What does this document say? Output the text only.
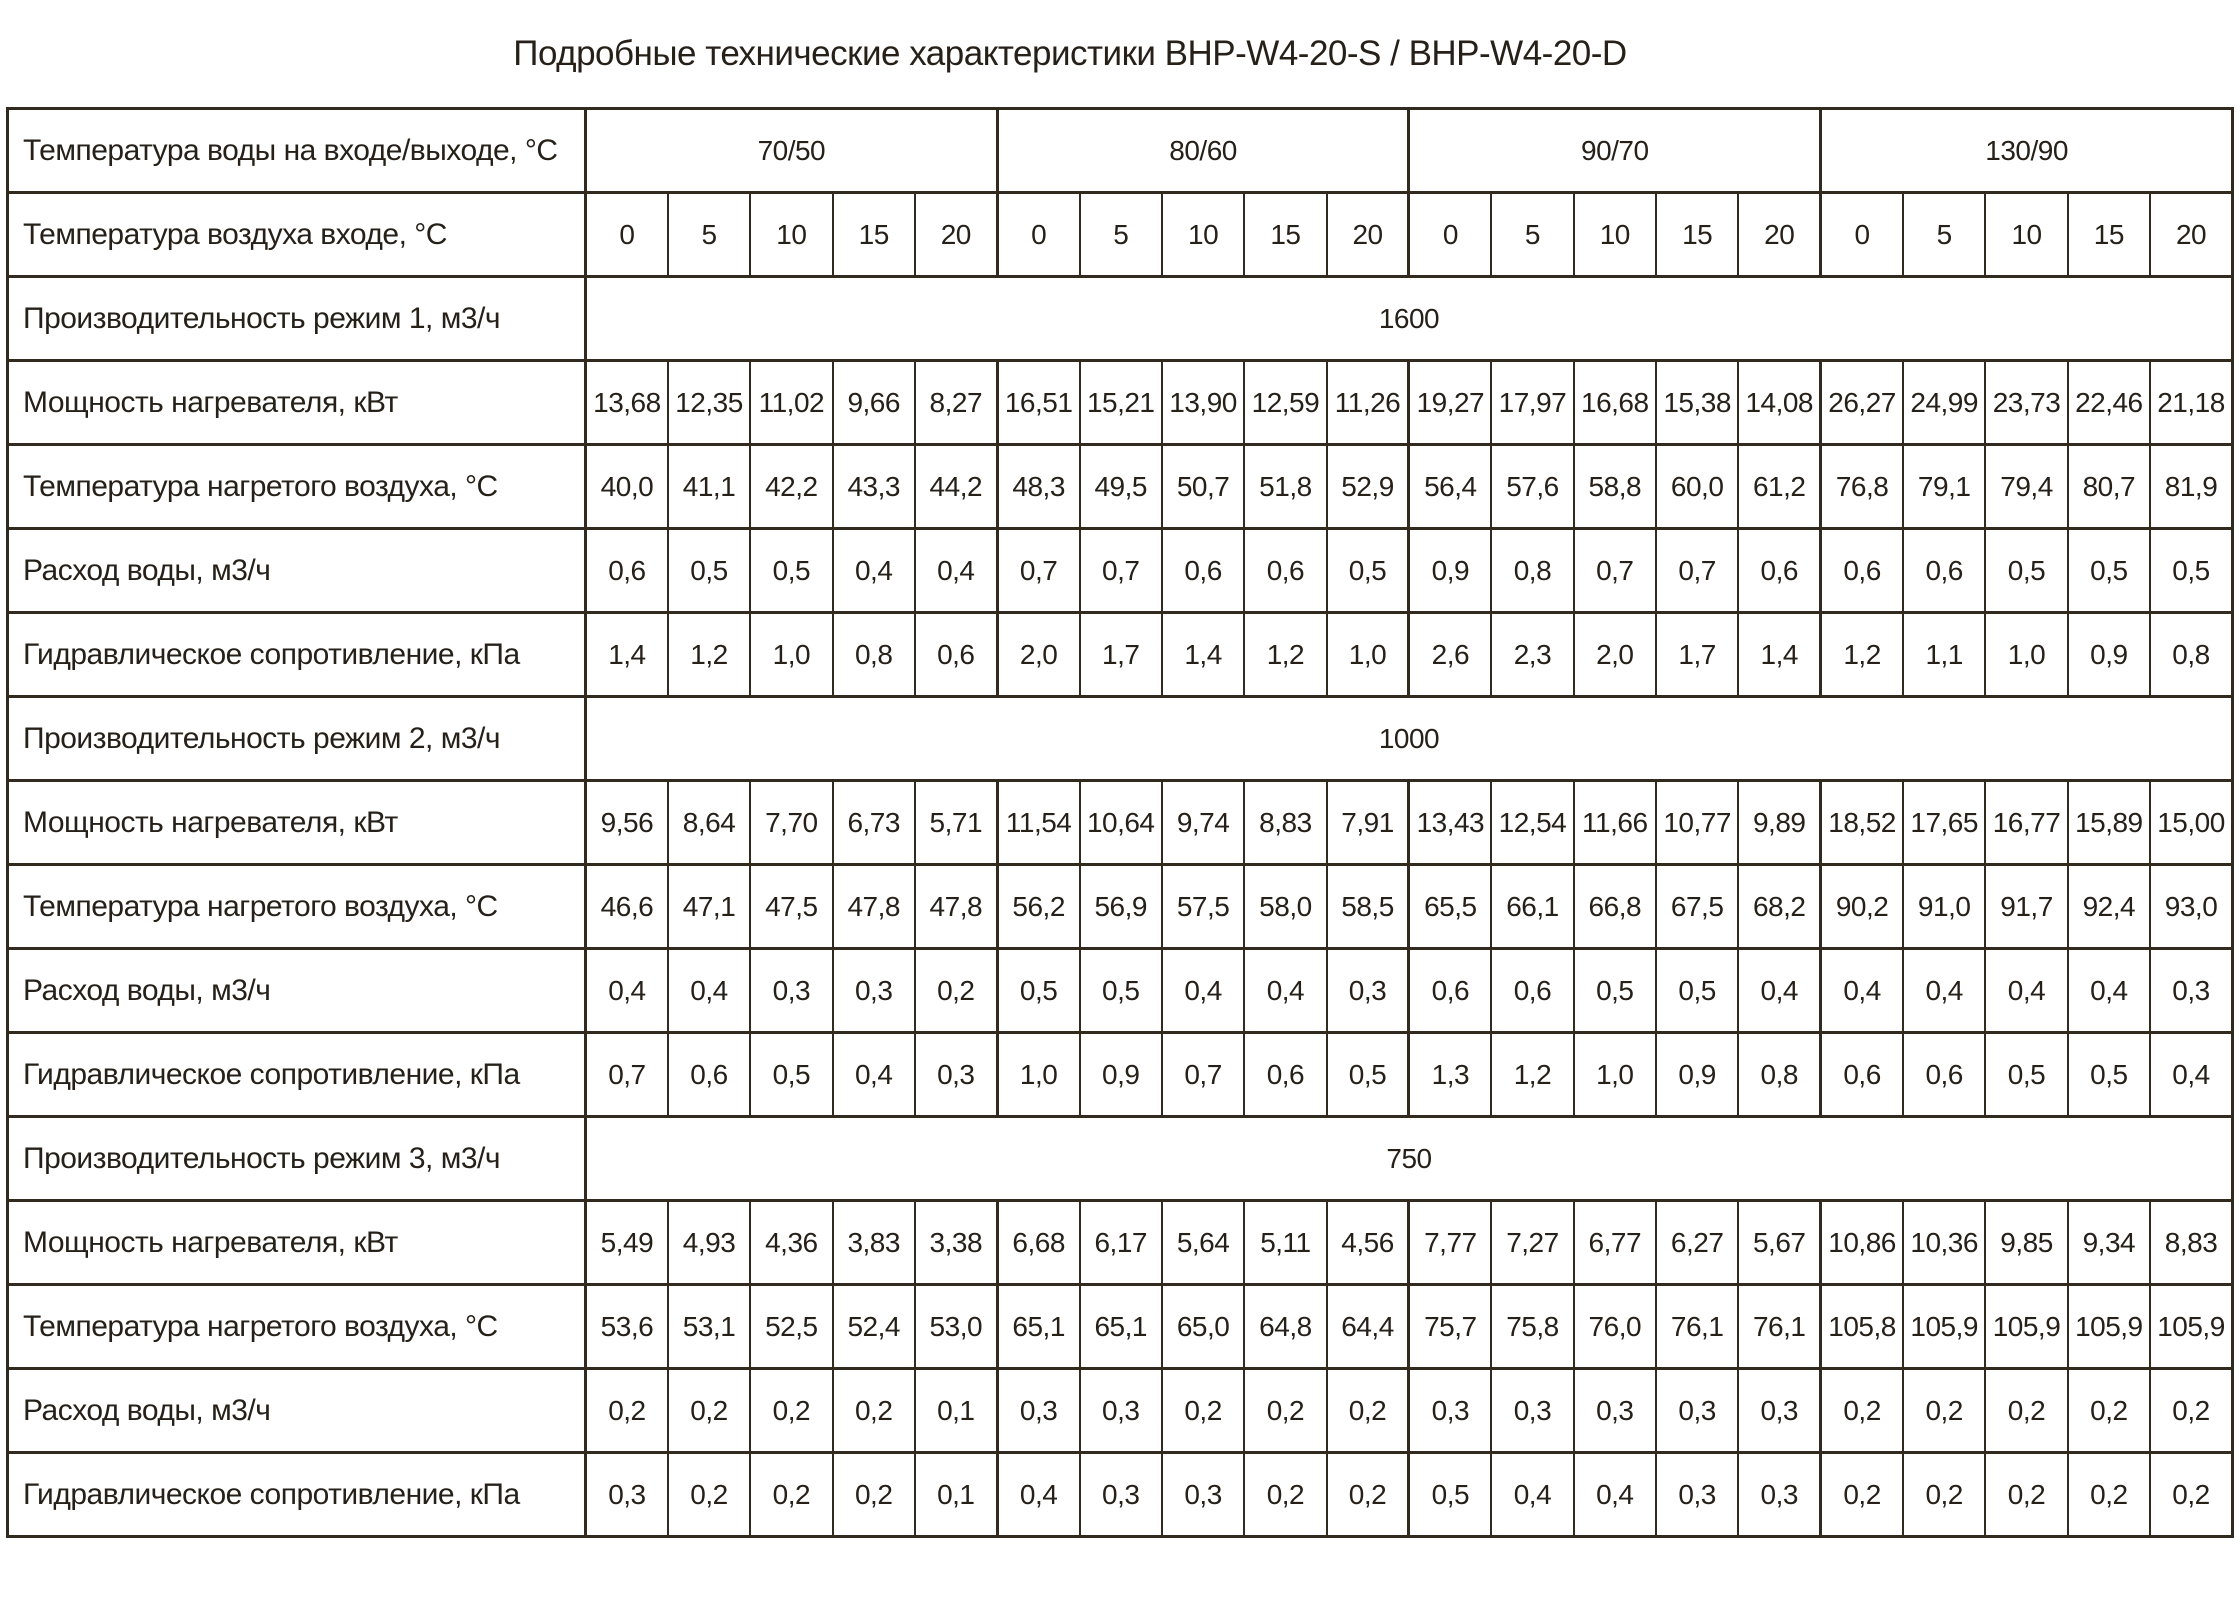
Подробные технические характеристики BHP-W4-20-S / BHP-W4-20-D
Температура воды на входе/выходе, °C	70/50					80/60					90/70					130/90				
Температура воздуха входе, °C	0	5	10	15	20	0	5	10	15	20	0	5	10	15	20	0	5	10	15	20
Производительность режим 1, м3/ч	1600																			
Мощность нагревателя, кВт	13,68	12,35	11,02	9,66	8,27	16,51	15,21	13,90	12,59	11,26	19,27	17,97	16,68	15,38	14,08	26,27	24,99	23,73	22,46	21,18
Температура нагретого воздуха, °C	40,0	41,1	42,2	43,3	44,2	48,3	49,5	50,7	51,8	52,9	56,4	57,6	58,8	60,0	61,2	76,8	79,1	79,4	80,7	81,9
Расход воды, м3/ч	0,6	0,5	0,5	0,4	0,4	0,7	0,7	0,6	0,6	0,5	0,9	0,8	0,7	0,7	0,6	0,6	0,6	0,5	0,5	0,5
Гидравлическое сопротивление, кПа	1,4	1,2	1,0	0,8	0,6	2,0	1,7	1,4	1,2	1,0	2,6	2,3	2,0	1,7	1,4	1,2	1,1	1,0	0,9	0,8
Производительность режим 2, м3/ч	1000																			
Мощность нагревателя, кВт	9,56	8,64	7,70	6,73	5,71	11,54	10,64	9,74	8,83	7,91	13,43	12,54	11,66	10,77	9,89	18,52	17,65	16,77	15,89	15,00
Температура нагретого воздуха, °C	46,6	47,1	47,5	47,8	47,8	56,2	56,9	57,5	58,0	58,5	65,5	66,1	66,8	67,5	68,2	90,2	91,0	91,7	92,4	93,0
Расход воды, м3/ч	0,4	0,4	0,3	0,3	0,2	0,5	0,5	0,4	0,4	0,3	0,6	0,6	0,5	0,5	0,4	0,4	0,4	0,4	0,4	0,3
Гидравлическое сопротивление, кПа	0,7	0,6	0,5	0,4	0,3	1,0	0,9	0,7	0,6	0,5	1,3	1,2	1,0	0,9	0,8	0,6	0,6	0,5	0,5	0,4
Производительность режим 3, м3/ч	750																			
Мощность нагревателя, кВт	5,49	4,93	4,36	3,83	3,38	6,68	6,17	5,64	5,11	4,56	7,77	7,27	6,77	6,27	5,67	10,86	10,36	9,85	9,34	8,83
Температура нагретого воздуха, °C	53,6	53,1	52,5	52,4	53,0	65,1	65,1	65,0	64,8	64,4	75,7	75,8	76,0	76,1	76,1	105,8	105,9	105,9	105,9	105,9
Расход воды, м3/ч	0,2	0,2	0,2	0,2	0,1	0,3	0,3	0,2	0,2	0,2	0,3	0,3	0,3	0,3	0,3	0,2	0,2	0,2	0,2	0,2
Гидравлическое сопротивление, кПа	0,3	0,2	0,2	0,2	0,1	0,4	0,3	0,3	0,2	0,2	0,5	0,4	0,4	0,3	0,3	0,2	0,2	0,2	0,2	0,2
